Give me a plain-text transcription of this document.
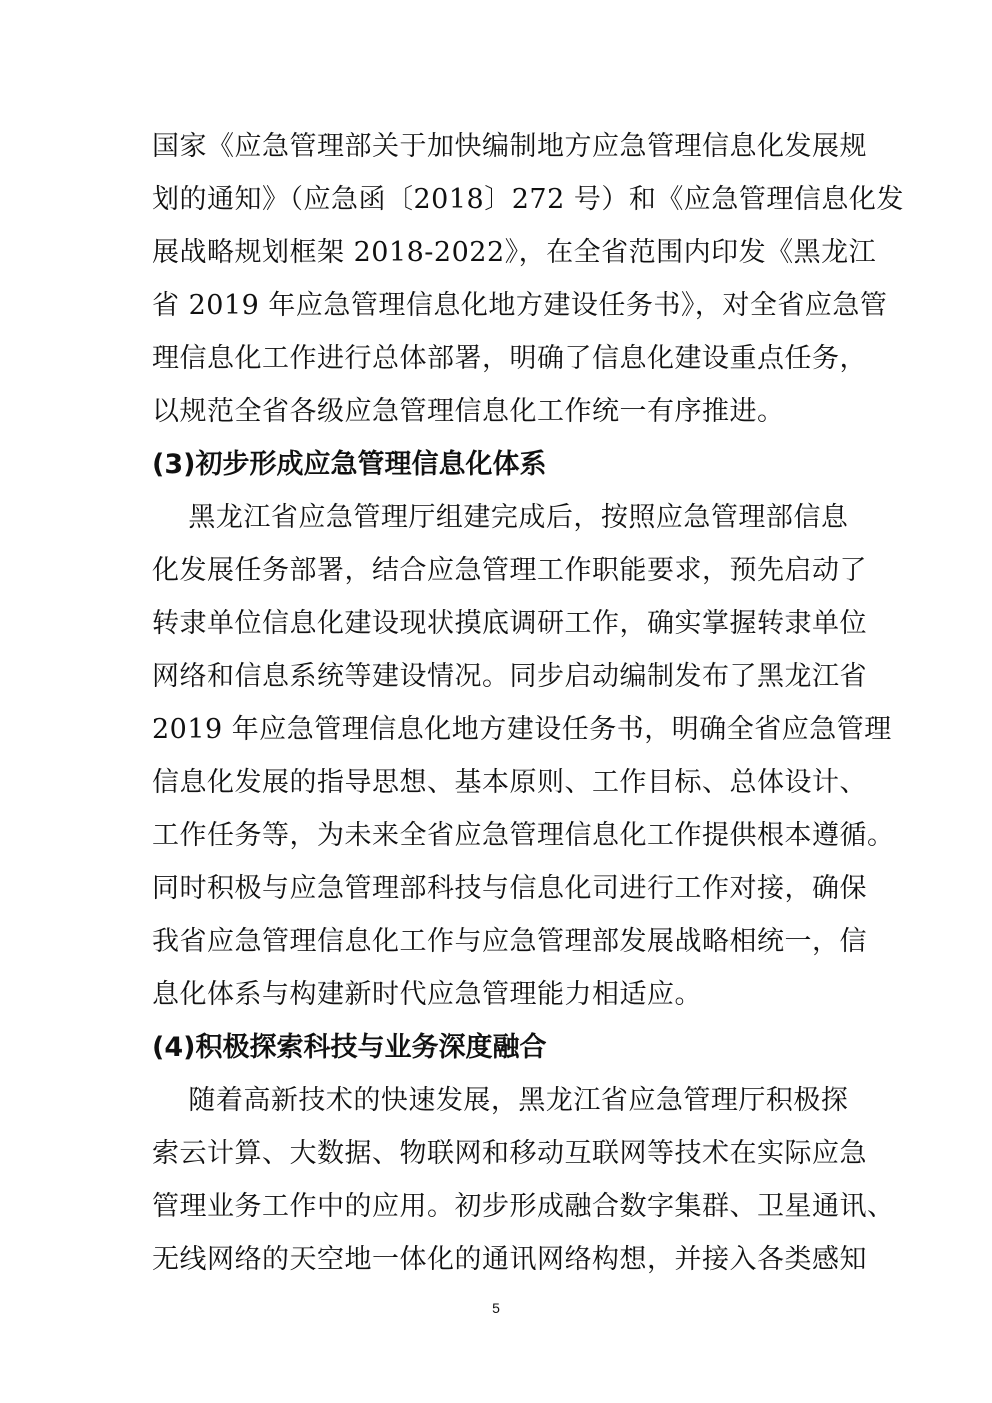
国家《应急管理部关于加快编制地方应急管理信息化发展规
划的通知》（应急函〔2018〕272 号）和《应急管理信息化发
展战略规划框架 2018-2022》，在全省范围内印发《黑龙江
省 2019 年应急管理信息化地方建设任务书》，对全省应急管
理信息化工作进行总体部署，明确了信息化建设重点任务，
以规范全省各级应急管理信息化工作统一有序推进。
(3)初步形成应急管理信息化体系
黑龙江省应急管理厅组建完成后，按照应急管理部信息
化发展任务部署，结合应急管理工作职能要求，预先启动了
转隶单位信息化建设现状摸底调研工作，确实掌握转隶单位
网络和信息系统等建设情况。同步启动编制发布了黑龙江省
2019 年应急管理信息化地方建设任务书，明确全省应急管理
信息化发展的指导思想、基本原则、工作目标、总体设计、
工作任务等，为未来全省应急管理信息化工作提供根本遵循。
同时积极与应急管理部科技与信息化司进行工作对接，确保
我省应急管理信息化工作与应急管理部发展战略相统一，信
息化体系与构建新时代应急管理能力相适应。
(4)积极探索科技与业务深度融合
随着高新技术的快速发展，黑龙江省应急管理厅积极探
索云计算、大数据、物联网和移动互联网等技术在实际应急
管理业务工作中的应用。初步形成融合数字集群、卫星通讯、
无线网络的天空地一体化的通讯网络构想，并接入各类感知
5
